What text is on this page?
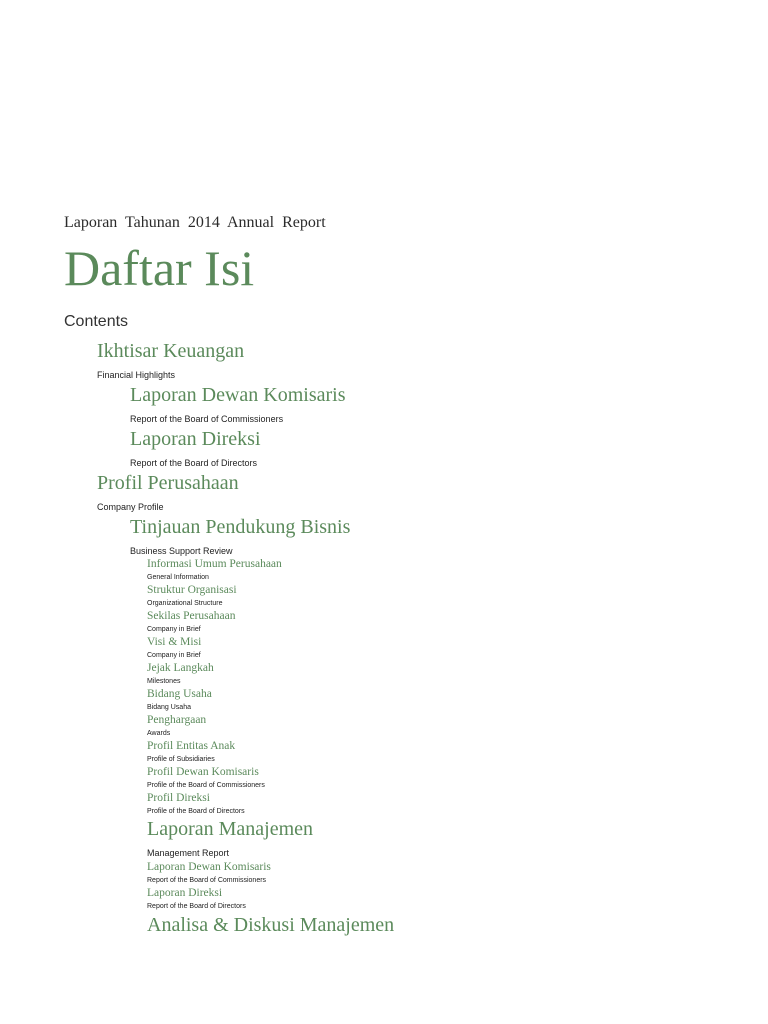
Laporan Tahunan 2014 Annual Report
Daftar Isi
Contents
Ikhtisar Keuangan
Financial Highlights
Laporan Dewan Komisaris
Report of the Board of Commissioners
Laporan Direksi
Report of the Board of Directors
Profil Perusahaan
Company Profile
Tinjauan Pendukung Bisnis
Business Support Review
Informasi Umum Perusahaan
General Information
Struktur Organisasi
Organizational Structure
Sekilas Perusahaan
Company in Brief
Visi & Misi
Company in Brief
Jejak Langkah
Milestones
Bidang Usaha
Bidang Usaha
Penghargaan
Awards
Profil Entitas Anak
Profile of Subsidiaries
Profil Dewan Komisaris
Profile of the Board of Commissioners
Profil Direksi
Profile of the Board of Directors
Laporan Manajemen
Management Report
Laporan Dewan Komisaris
Report of the Board of Commissioners
Laporan Direksi
Report of the Board of Directors
Analisa & Diskusi Manajemen
